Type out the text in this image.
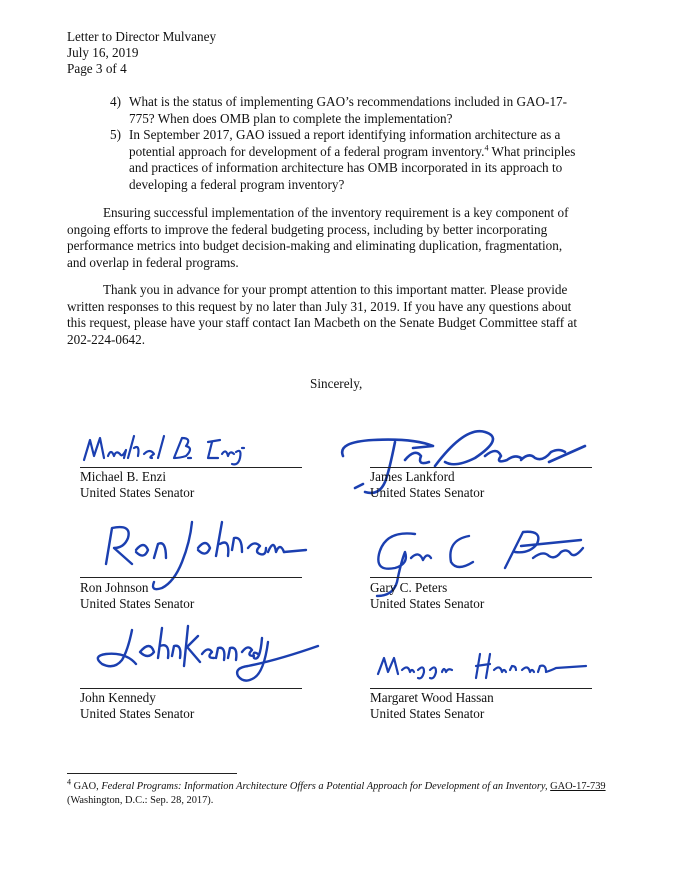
Letter to Director Mulvaney
July 16, 2019
Page 3 of 4
4) What is the status of implementing GAO’s recommendations included in GAO-17-
775? When does OMB plan to complete the implementation?
5) In September 2017, GAO issued a report identifying information architecture as a
potential approach for development of a federal program inventory.$^4$ What principles
and practices of information architecture has OMB incorporated in its approach to
developing a federal program inventory?
Ensuring successful implementation of the inventory requirement is a key component of
ongoing efforts to improve the federal budgeting process, including by better incorporating
performance metrics into budget decision-making and eliminating duplication, fragmentation,
and overlap in federal programs.
Thank you in advance for your prompt attention to this important matter. Please provide
written responses to this request by no later than July 31, 2019. If you have any questions about
this request, please have your staff contact Ian Macbeth on the Senate Budget Committee staff at
202-224-0642.
Sincerely,
Michael B. Enzi
United States Senator
James Lankford
United States Senator
Ron Johnson
United States Senator
Gary C. Peters
United States Senator
John Kennedy
United States Senator
Margaret Wood Hassan
United States Senator
$^4$ GAO, Federal Programs: Information Architecture Offers a Potential Approach for Development of an Inventory, GAO-17-739 (Washington, D.C.: Sep. 28, 2017).
